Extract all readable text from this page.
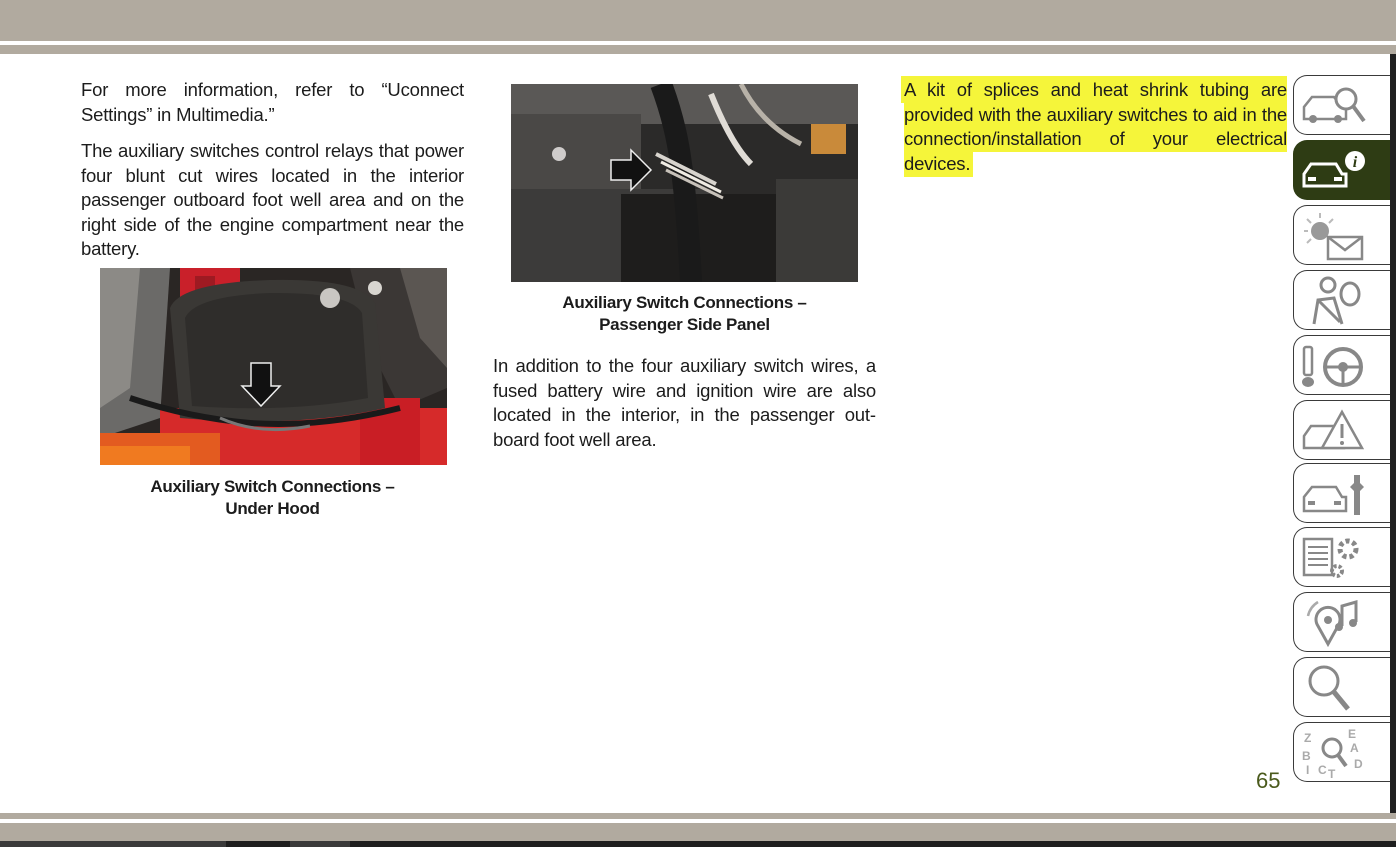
For more information, refer to “Uconnect Settings” in Multimedia.”

The auxiliary switches control relays that power four blunt cut wires located in the interior passenger outboard foot well area and on the right side of the engine compartment near the battery.

Auxiliary Switch Connections –
Under Hood
Auxiliary Switch Connections –
Passenger Side Panel

In addition to the four auxiliary switch wires, a fused battery wire and ignition wire are also located in the interior, in the passenger outboard foot well area.

A kit of splices and heat shrink tubing are provided with the auxiliary switches to aid in the connection/installation of your electrical devices.	i
Z	E
A
B
D
I C T
65
